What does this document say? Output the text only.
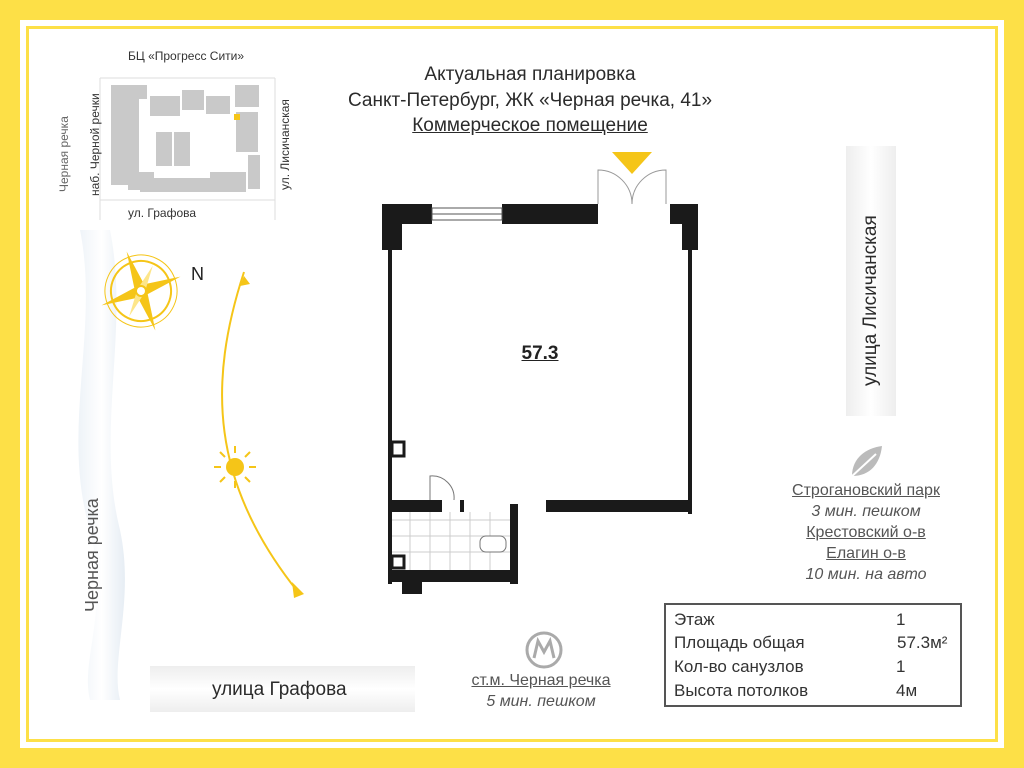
Актуальная планировка
Санкт-Петербург, ЖК «Черная речка, 41»
Коммерческое помещение
БЦ «Прогресс Сити»
ул. Графова
наб. Черной речки	ул. Лисичанская
Черная речка
Черная речка
N
57.3	улица Лисичанская
улица Графова
Строгановский парк
3 мин. пешком
Крестовский о-в
Елагин о-в
10 мин. на авто
ст.м. Черная речка
5 мин. пешком
Этаж	1
Площадь общая	57.3м²
Кол-во санузлов	1
Высота потолков	4м
